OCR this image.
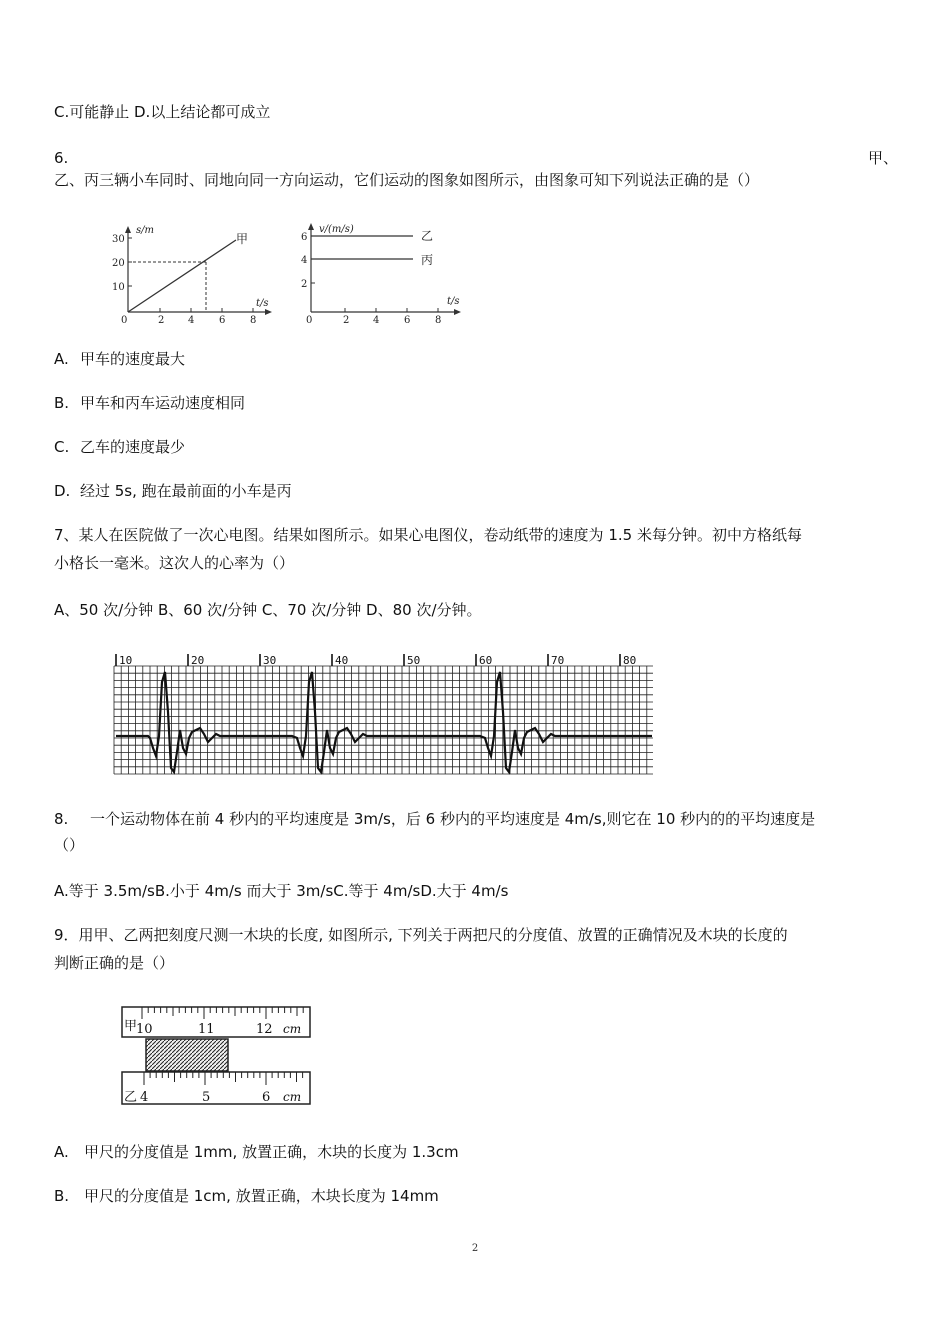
C.可能静止 D.以上结论都可成立
6.	甲、
乙、丙三辆小车同时、同地向同一方向运动，它们运动的图象如图所示，由图象可知下列说法正确的是（）
s/m
t/s
30
20
10
0	2 4 6 8
甲
v/(m/s)
t/s
6
4
2
乙
丙
0	2 4 6 8
A. 甲车的速度最大
B. 甲车和丙车运动速度相同
C. 乙车的速度最少
D. 经过 5s, 跑在最前面的小车是丙
7、某人在医院做了一次心电图。结果如图所示。如果心电图仪，卷动纸带的速度为 1.5 米每分钟。初中方格纸每
小格长一毫米。这次人的心率为（）
A、50 次/分钟 B、60 次/分钟 C、70 次/分钟 D、80 次/分钟。
10	20	30	40	50	60	70	80
8. 一个运动物体在前 4 秒内的平均速度是 3m/s，后 6 秒内的平均速度是 4m/s,则它在 10 秒内的的平均速度是
（）
A.等于 3.5m/sB.小于 4m/s 而大于 3m/sC.等于 4m/sD.大于 4m/s
9．用甲、乙两把刻度尺测一木块的长度, 如图所示, 下列关于两把尺的分度值、放置的正确情况及木块的长度的
判断正确的是（）
甲
10	11	12 cm
乙 4	5	6 cm
A. 甲尺的分度值是 1mm, 放置正确，木块的长度为 1.3cm
B. 甲尺的分度值是 1cm, 放置正确，木块长度为 14mm
2
